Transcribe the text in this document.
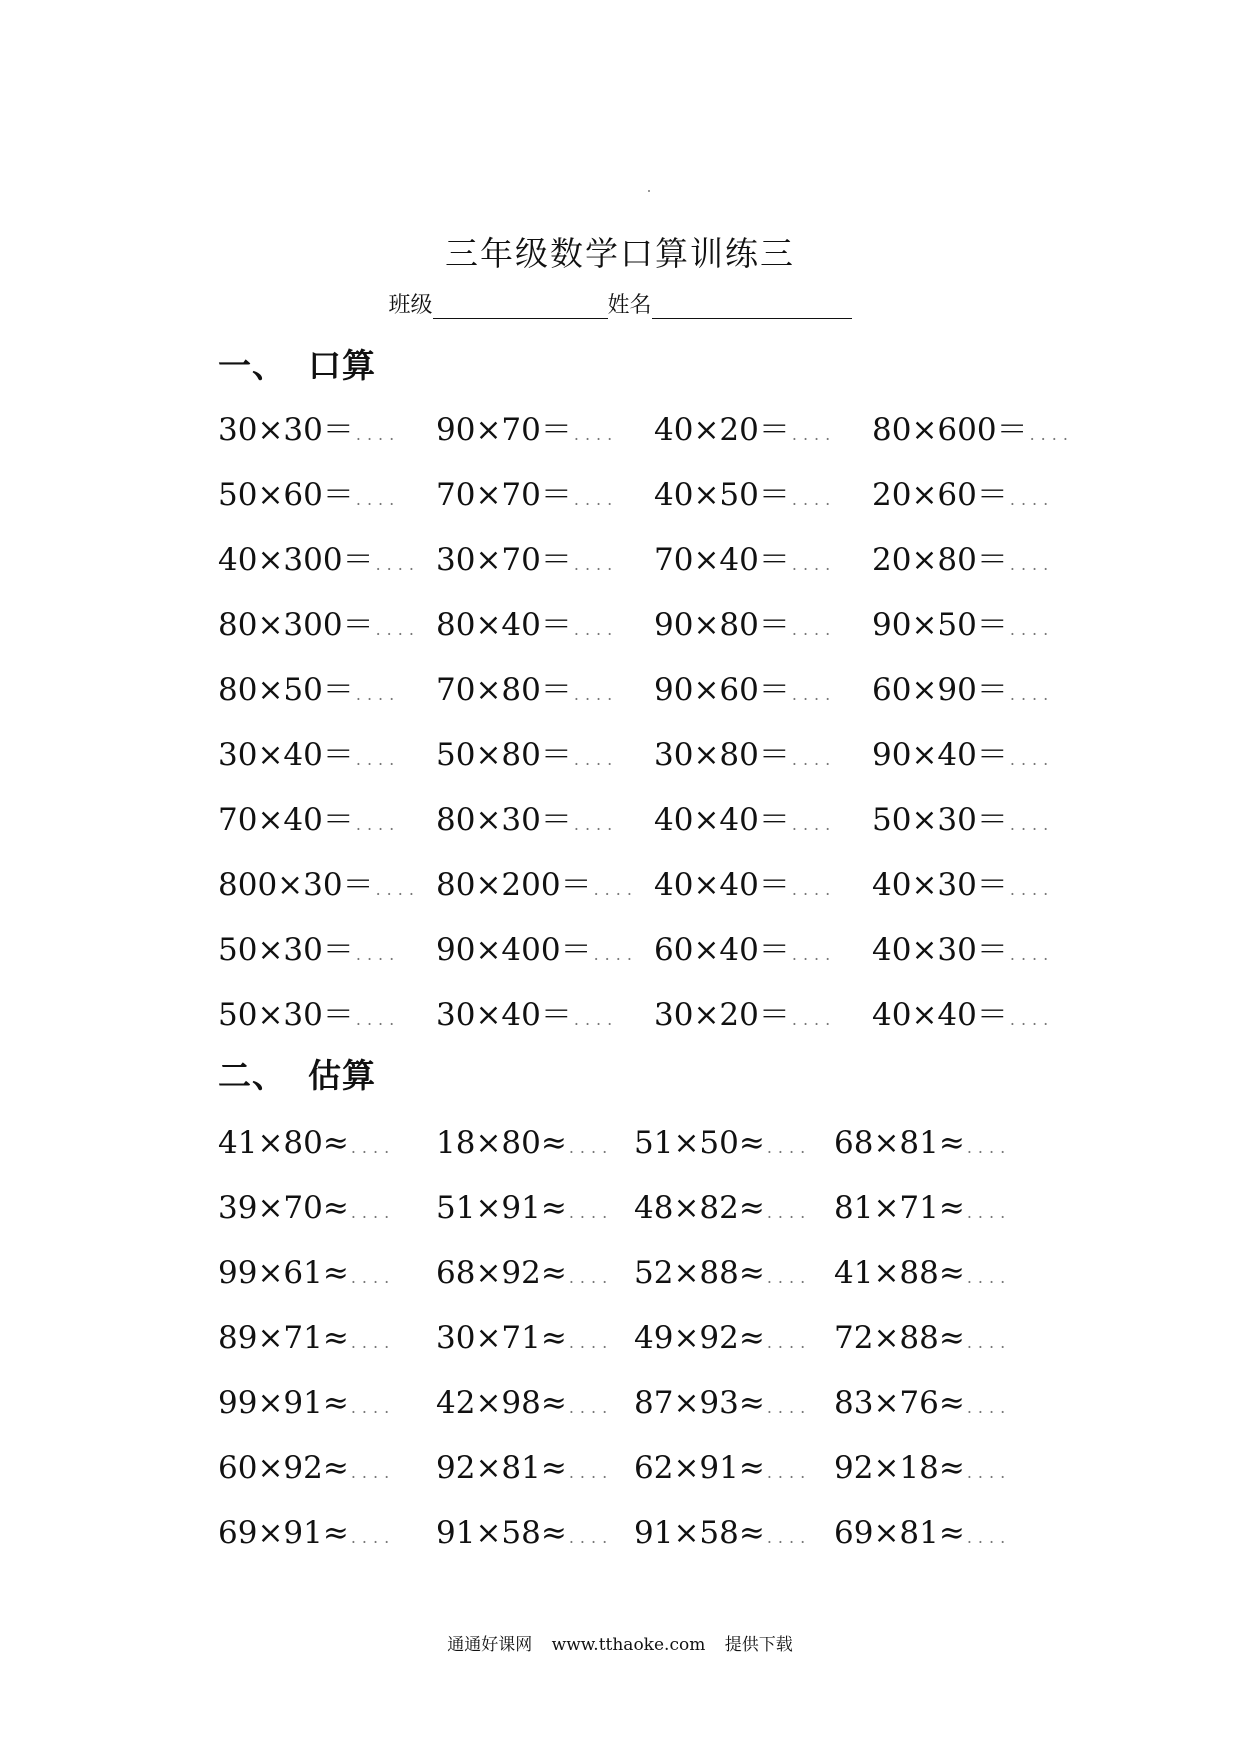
三年级数学口算训练三
班级	姓名
一、 口算
30×30＝ .... 90×70＝ .... 40×20＝ .... 80×600＝ ....
50×60＝ .... 70×70＝ .... 40×50＝ .... 20×60＝ ....
40×300＝ .... 30×70＝ .... 70×40＝ .... 20×80＝ ....
80×300＝ .... 80×40＝ .... 90×80＝ .... 90×50＝ ....
80×50＝ .... 70×80＝ .... 90×60＝ .... 60×90＝ ....
30×40＝ .... 50×80＝ .... 30×80＝ .... 90×40＝ ....
70×40＝ .... 80×30＝ .... 40×40＝ .... 50×30＝ ....
800×30＝ .... 80×200＝ .... 40×40＝ .... 40×30＝ ....
50×30＝ .... 90×400＝ .... 60×40＝ .... 40×30＝ ....
50×30＝ .... 30×40＝ .... 30×20＝ .... 40×40＝ ....
二、 估算
41×80≈ .... 18×80≈ .... 51×50≈ .... 68×81≈ ....
39×70≈ .... 51×91≈ .... 48×82≈ .... 81×71≈ ....
99×61≈ .... 68×92≈ .... 52×88≈ .... 41×88≈ ....
89×71≈ .... 30×71≈ .... 49×92≈ .... 72×88≈ ....
99×91≈ .... 42×98≈ .... 87×93≈ .... 83×76≈ ....
60×92≈ .... 92×81≈ .... 62×91≈ .... 92×18≈ ....
69×91≈ .... 91×58≈ .... 91×58≈ .... 69×81≈ ....
通通好课网 www.tthaoke.com 提供下载
